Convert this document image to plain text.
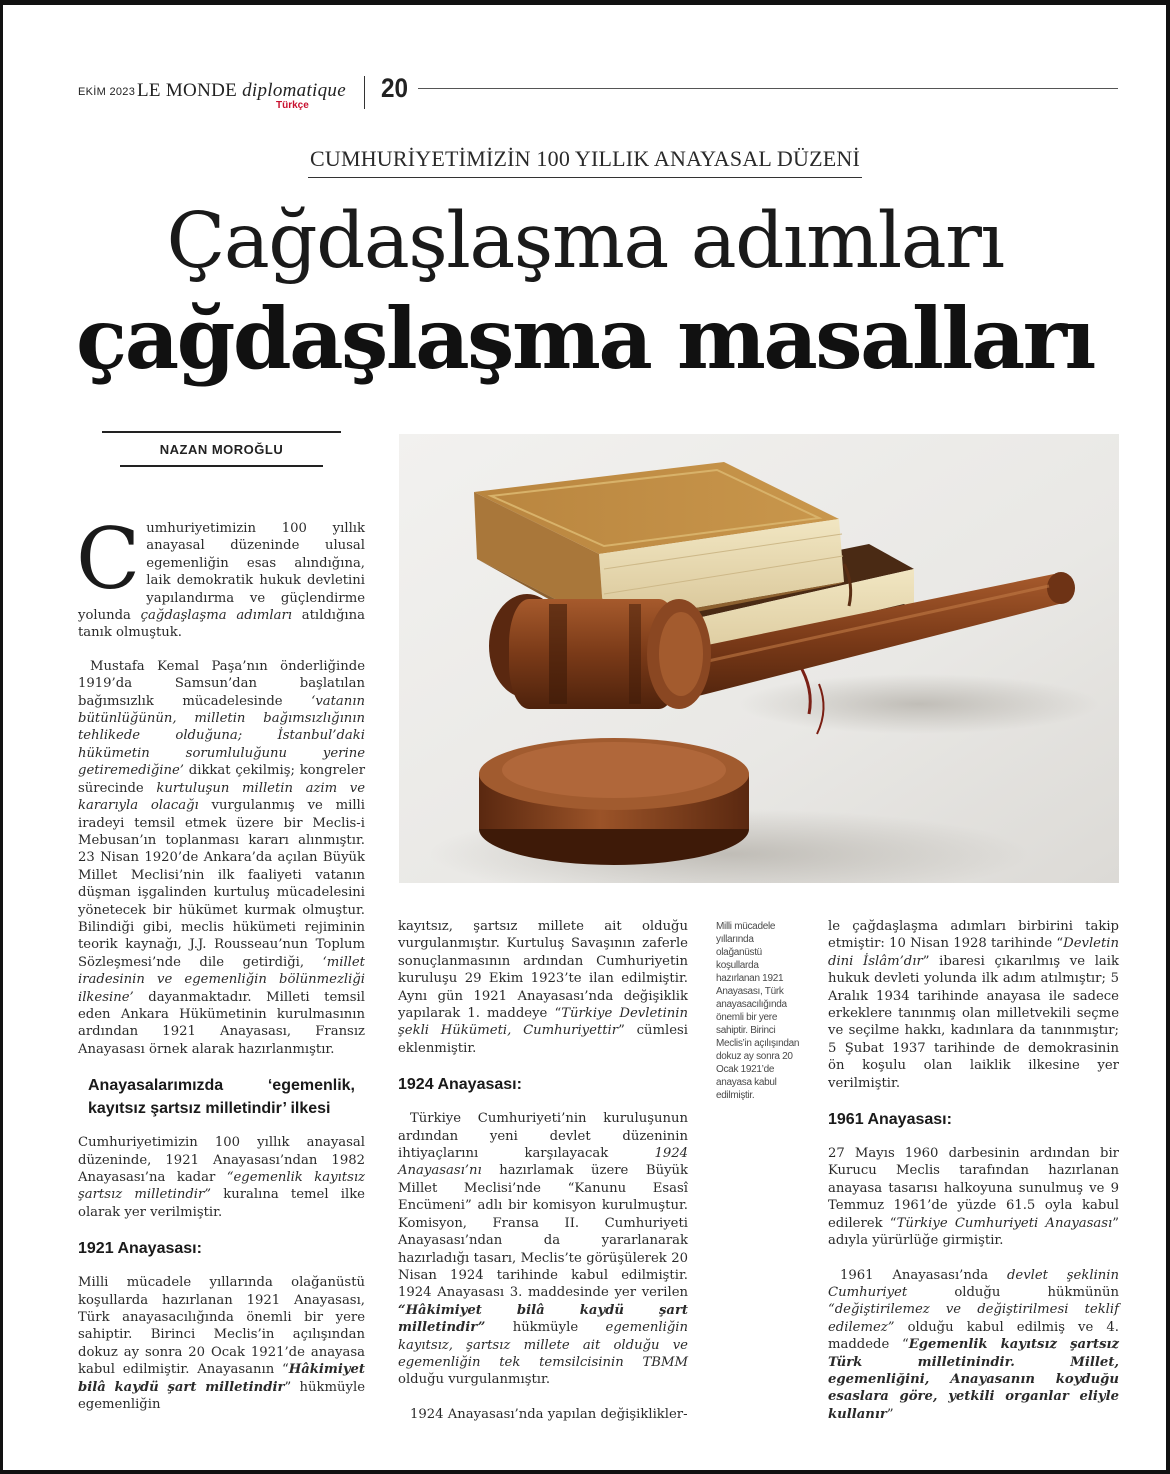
EKİM 2023 LE MONDE diplomatique
Türkçe
20
CUMHURİYETİMİZİN 100 YILLIK ANAYASAL DÜZENİ
Çağdaşlaşma adımları
çağdaşlaşma masalları
NAZAN MOROĞLU

Cumhuriyetimizin 100 yıllık anayasal düzeninde ulusal egemenliğin esas alındığına, laik demokratik hukuk devletini yapılandırma ve güçlendirme yolunda çağdaşlaşma adımları atıldığına tanık olmuştuk.

Mustafa Kemal Paşa’nın önderliğinde 1919’da Samsun’dan başlatılan bağımsızlık mücadelesinde ‘vatanın bütünlüğünün, milletin bağımsızlığının tehlikede olduğuna; İstanbul’daki hükümetin sorumluluğunu yerine getiremediğine’ dikkat çekilmiş; kongreler sürecinde kurtuluşun milletin azim ve kararıyla olacağı vurgulanmış ve milli iradeyi temsil etmek üzere bir Meclis-i Mebusan’ın toplanması kararı alınmıştır. 23 Nisan 1920’de Ankara’da açılan Büyük Millet Meclisi’nin ilk faaliyeti vatanın düşman işgalinden kurtuluş mücadelesini yönetecek bir hükümet kurmak olmuştur. Bilindiği gibi, meclis hükümeti rejiminin teorik kaynağı, J.J. Rousseau’nun Toplum Sözleşmesi’nde dile getirdiği, ‘millet iradesinin ve egemenliğin bölünmezliği ilkesine’ dayanmaktadır. Milleti temsil eden Ankara Hükümetinin kurulmasının ardından 1921 Anayasası, Fransız Anayasası örnek alarak hazırlanmıştır.

Anayasalarımızda ‘egemenlik, kayıtsız şartsız milletindir’ ilkesi

Cumhuriyetimizin 100 yıllık anayasal düzeninde, 1921 Anayasası’ndan 1982 Anayasası’na kadar “egemenlik kayıtsız şartsız milletindir” kuralına temel ilke olarak yer verilmiştir.

1921 Anayasası:

Milli mücadele yıllarında olağanüstü koşullarda hazırlanan 1921 Anayasası, Türk anayasacılığında önemli bir yere sahiptir. Birinci Meclis’in açılışından dokuz ay sonra 20 Ocak 1921’de anayasa kabul edilmiştir. Anayasanın “Hâkimiyet bilâ kaydü şart milletindir” hükmüyle egemenliğin

kayıtsız, şartsız millete ait olduğu vurgulanmıştır. Kurtuluş Savaşının zaferle sonuçlanmasının ardından Cumhuriyetin kuruluşu 29 Ekim 1923’te ilan edilmiştir. Aynı gün 1921 Anayasası’nda değişiklik yapılarak 1. maddeye “Türkiye Devletinin şekli Hükümeti, Cumhuriyettir” cümlesi eklenmiştir.

1924 Anayasası:

Türkiye Cumhuriyeti’nin kuruluşunun ardından yeni devlet düzeninin ihtiyaçlarını karşılayacak 1924 Anayasası’nı hazırlamak üzere Büyük Millet Meclisi’nde “Kanunu Esasî Encümeni” adlı bir komisyon kurulmuştur. Komisyon, Fransa II. Cumhuriyeti Anayasası’ndan da yararlanarak hazırladığı tasarı, Meclis’te görüşülerek 20 Nisan 1924 tarihinde kabul edilmiştir. 1924 Anayasası 3. maddesinde yer verilen “Hâkimiyet bilâ kaydü şart milletindir” hükmüyle egemenliğin kayıtsız, şartsız millete ait olduğu ve egemenliğin tek temsilcisinin TBMM olduğu vurgulanmıştır.

1924 Anayasası’nda yapılan değişiklikler-

Milli mücadele yıllarında olağanüstü koşullarda hazırlanan 1921 Anayasası, Türk anayasacılığında önemli bir yere sahiptir. Birinci Meclis’in açılışından dokuz ay sonra 20 Ocak 1921’de anayasa kabul edilmiştir.

le çağdaşlaşma adımları birbirini takip etmiştir: 10 Nisan 1928 tarihinde “Devletin dini İslâm’dır” ibaresi çıkarılmış ve laik hukuk devleti yolunda ilk adım atılmıştır; 5 Aralık 1934 tarihinde anayasa ile sadece erkeklere tanınmış olan milletvekili seçme ve seçilme hakkı, kadınlara da tanınmıştır; 5 Şubat 1937 tarihinde de demokrasinin ön koşulu olan laiklik ilkesine yer verilmiştir.

1961 Anayasası:

27 Mayıs 1960 darbesinin ardından bir Kurucu Meclis tarafından hazırlanan anayasa tasarısı halkoyuna sunulmuş ve 9 Temmuz 1961’de yüzde 61.5 oyla kabul edilerek “Türkiye Cumhuriyeti Anayasası” adıyla yürürlüğe girmiştir.

1961 Anayasası’nda devlet şeklinin Cumhuriyet olduğu hükmünün “değiştirilemez ve değiştirilmesi teklif edilemez” olduğu kabul edilmiş ve 4. maddede “Egemenlik kayıtsız şartsız Türk milletinindir. Millet, egemenliğini, Anayasanın koyduğu esaslara göre, yetkili organlar eliyle kullanır”
